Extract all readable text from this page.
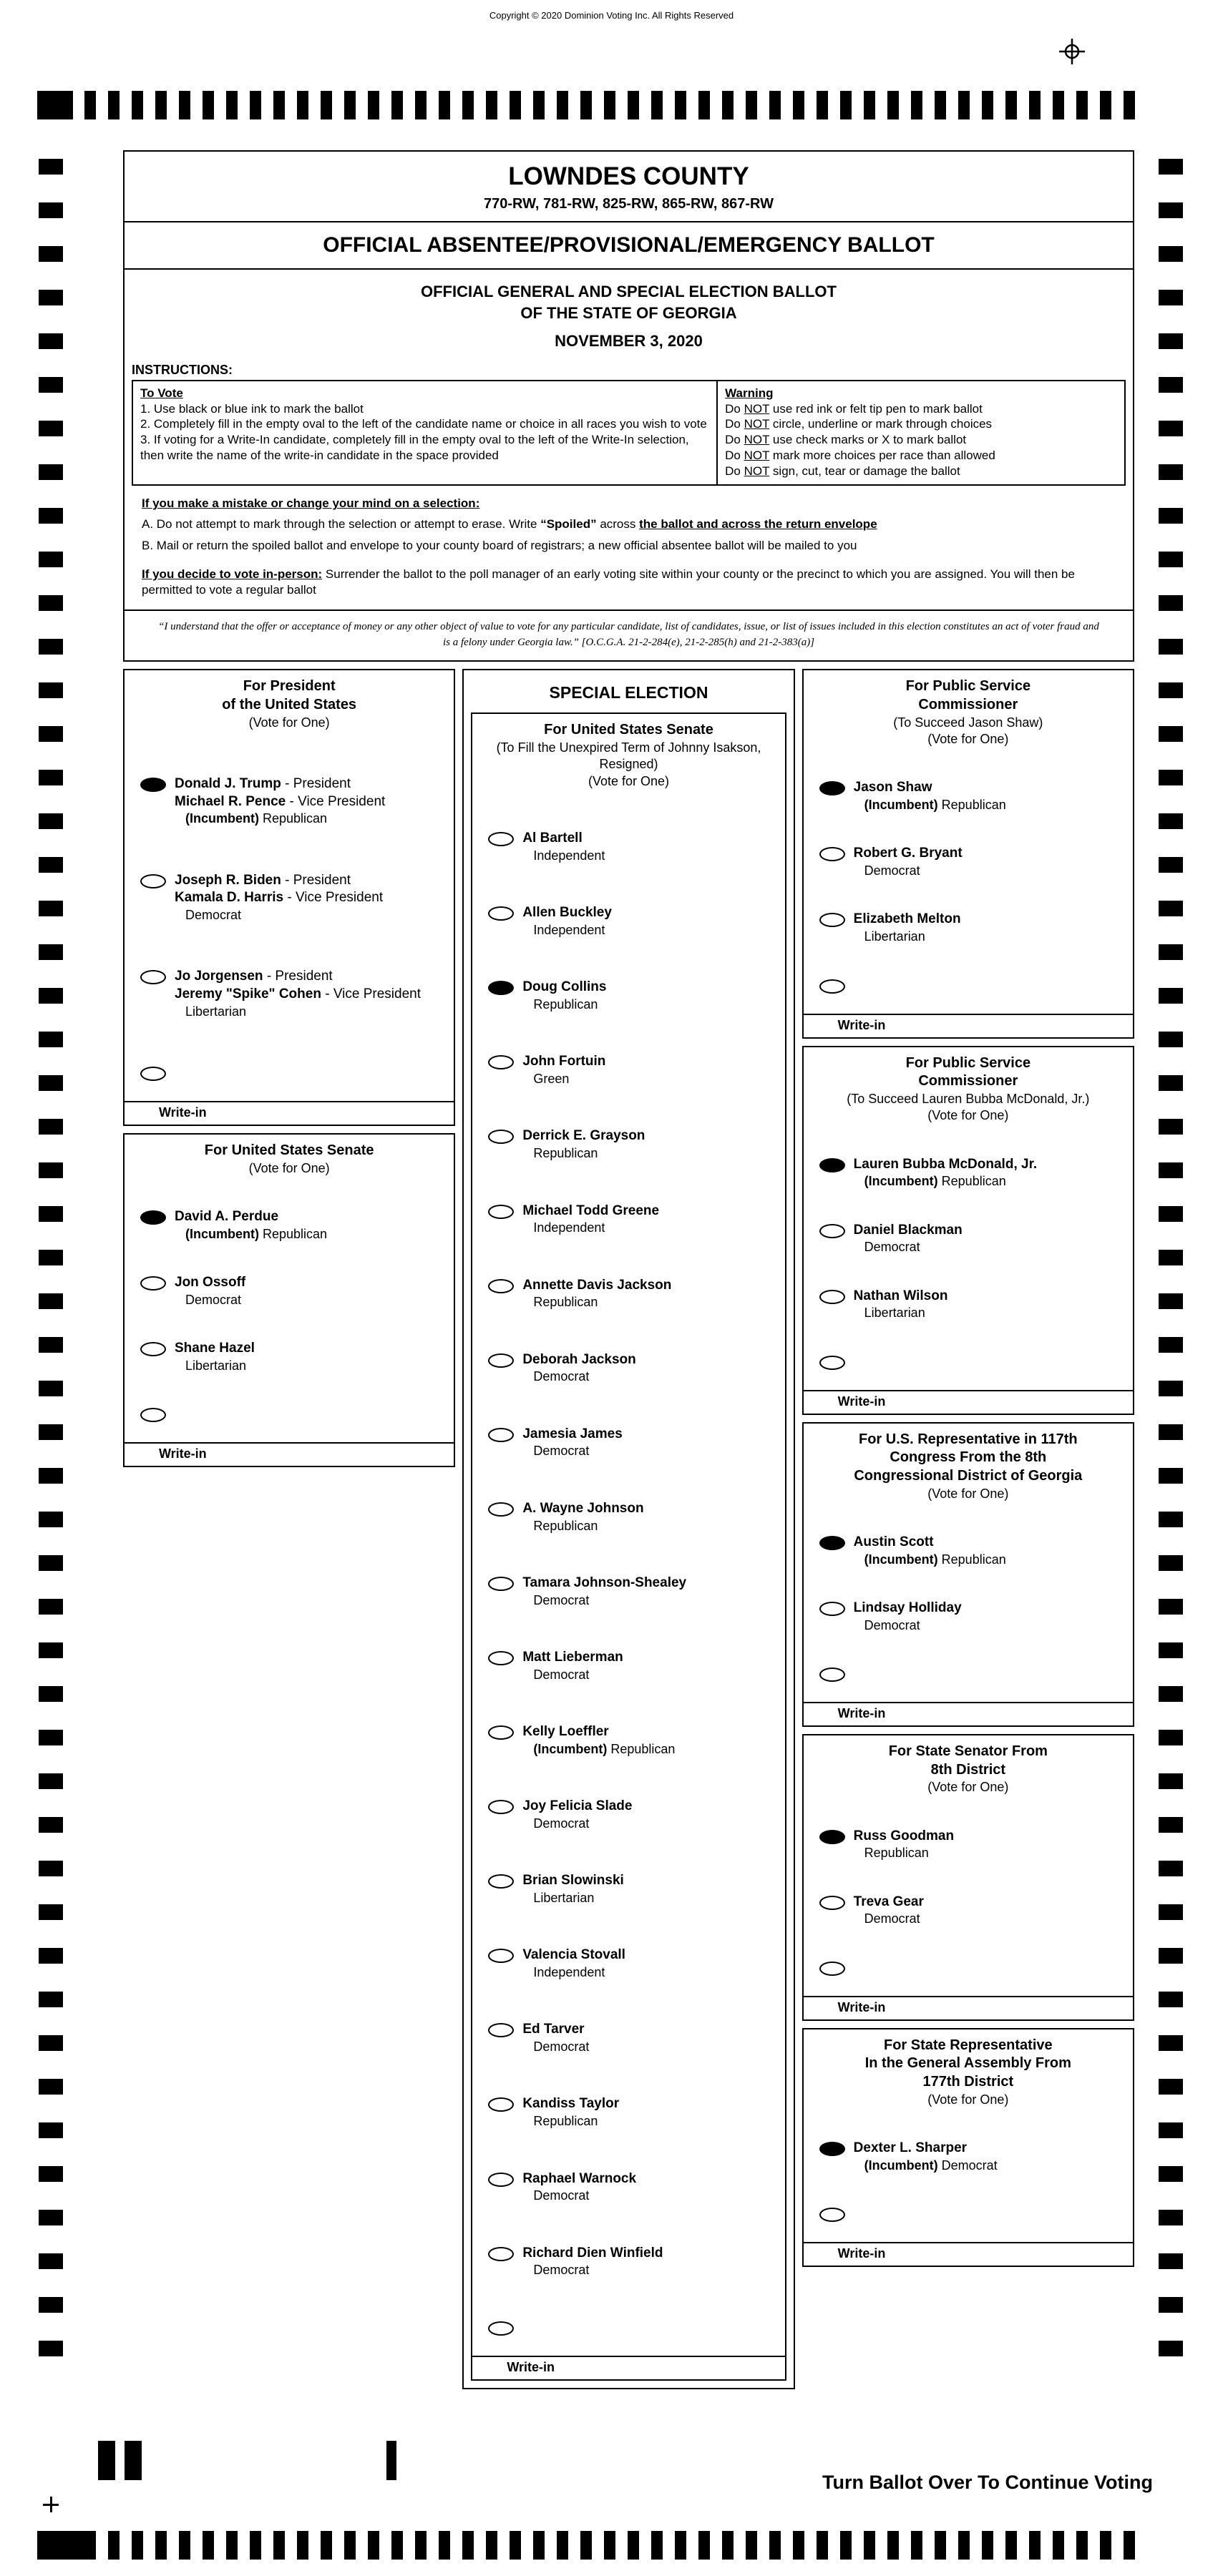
Copyright © 2020 Dominion Voting Inc. All Rights Reserved
LOWNDES COUNTY
770-RW, 781-RW, 825-RW, 865-RW, 867-RW
OFFICIAL ABSENTEE/PROVISIONAL/EMERGENCY BALLOT
OFFICIAL GENERAL AND SPECIAL ELECTION BALLOT
OF THE STATE OF GEORGIA
NOVEMBER 3, 2020
INSTRUCTIONS:
To Vote
1. Use black or blue ink to mark the ballot
2. Completely fill in the empty oval to the left of the candidate name or choice in all races you wish to vote
3. If voting for a Write-In candidate, completely fill in the empty oval to the left of the Write-In selection, then write the name of the write-in candidate in the space provided
Warning
Do NOT use red ink or felt tip pen to mark ballot
Do NOT circle, underline or mark through choices
Do NOT use check marks or X to mark ballot
Do NOT mark more choices per race than allowed
Do NOT sign, cut, tear or damage the ballot
If you make a mistake or change your mind on a selection:
A. Do not attempt to mark through the selection or attempt to erase. Write “Spoiled” across the ballot and across the return envelope
B. Mail or return the spoiled ballot and envelope to your county board of registrars; a new official absentee ballot will be mailed to you
If you decide to vote in-person: Surrender the ballot to the poll manager of an early voting site within your county or the precinct to which you are assigned. You will then be permitted to vote a regular ballot
“I understand that the offer or acceptance of money or any other object of value to vote for any particular candidate, list of candidates, issue, or list of issues included in this election constitutes an act of voter fraud and is a felony under Georgia law.” [O.C.G.A. 21-2-284(e), 21-2-285(h) and 21-2-383(a)]
For President
of the United States
(Vote for One)
Donald J. Trump - President
Michael R. Pence - Vice President
(Incumbent) Republican
Joseph R. Biden - President
Kamala D. Harris - Vice President
Democrat
Jo Jorgensen - President
Jeremy "Spike" Cohen - Vice President
Libertarian
Write-in
For United States Senate
(Vote for One)
David A. Perdue
(Incumbent) Republican
Jon Ossoff
Democrat
Shane Hazel
Libertarian
Write-in
SPECIAL ELECTION
For United States Senate
(To Fill the Unexpired Term of Johnny Isakson, Resigned)
(Vote for One)
Al Bartell
Independent
Allen Buckley
Independent
Doug Collins
Republican
John Fortuin
Green
Derrick E. Grayson
Republican
Michael Todd Greene
Independent
Annette Davis Jackson
Republican
Deborah Jackson
Democrat
Jamesia James
Democrat
A. Wayne Johnson
Republican
Tamara Johnson-Shealey
Democrat
Matt Lieberman
Democrat
Kelly Loeffler
(Incumbent) Republican
Joy Felicia Slade
Democrat
Brian Slowinski
Libertarian
Valencia Stovall
Independent
Ed Tarver
Democrat
Kandiss Taylor
Republican
Raphael Warnock
Democrat
Richard Dien Winfield
Democrat
Write-in
For Public Service
Commissioner
(To Succeed Jason Shaw)
(Vote for One)
Jason Shaw
(Incumbent) Republican
Robert G. Bryant
Democrat
Elizabeth Melton
Libertarian
Write-in
For Public Service
Commissioner
(To Succeed Lauren Bubba McDonald, Jr.)
(Vote for One)
Lauren Bubba McDonald, Jr.
(Incumbent) Republican
Daniel Blackman
Democrat
Nathan Wilson
Libertarian
Write-in
For U.S. Representative in 117th
Congress From the 8th
Congressional District of Georgia
(Vote for One)
Austin Scott
(Incumbent) Republican
Lindsay Holliday
Democrat
Write-in
For State Senator From
8th District
(Vote for One)
Russ Goodman
Republican
Treva Gear
Democrat
Write-in
For State Representative
In the General Assembly From
177th District
(Vote for One)
Dexter L. Sharper
(Incumbent) Democrat
Write-in
Turn Ballot Over To Continue Voting
